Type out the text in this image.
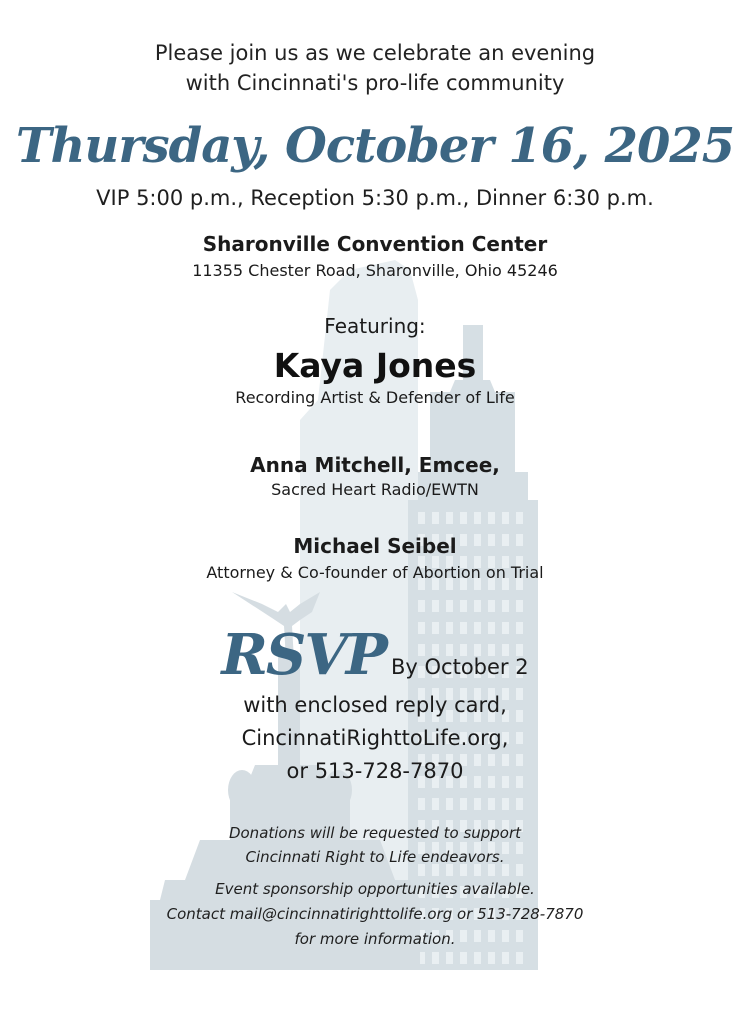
Please join us as we celebrate an evening
with Cincinnati's pro-life community
Thursday, October 16, 2025
VIP 5:00 p.m., Reception 5:30 p.m., Dinner 6:30 p.m.
Sharonville Convention Center
11355 Chester Road, Sharonville, Ohio 45246
Featuring:
Kaya Jones
Recording Artist & Defender of Life
Anna Mitchell, Emcee,
Sacred Heart Radio/EWTN
Michael Seibel
Attorney & Co-founder of Abortion on Trial
RSVP By October 2
with enclosed reply card,
CincinnatiRighttoLife.org,
or 513-728-7870
Donations will be requested to support
Cincinnati Right to Life endeavors.
Event sponsorship opportunities available.
Contact mail@cincinnatirighttolife.org or 513-728-7870
for more information.
